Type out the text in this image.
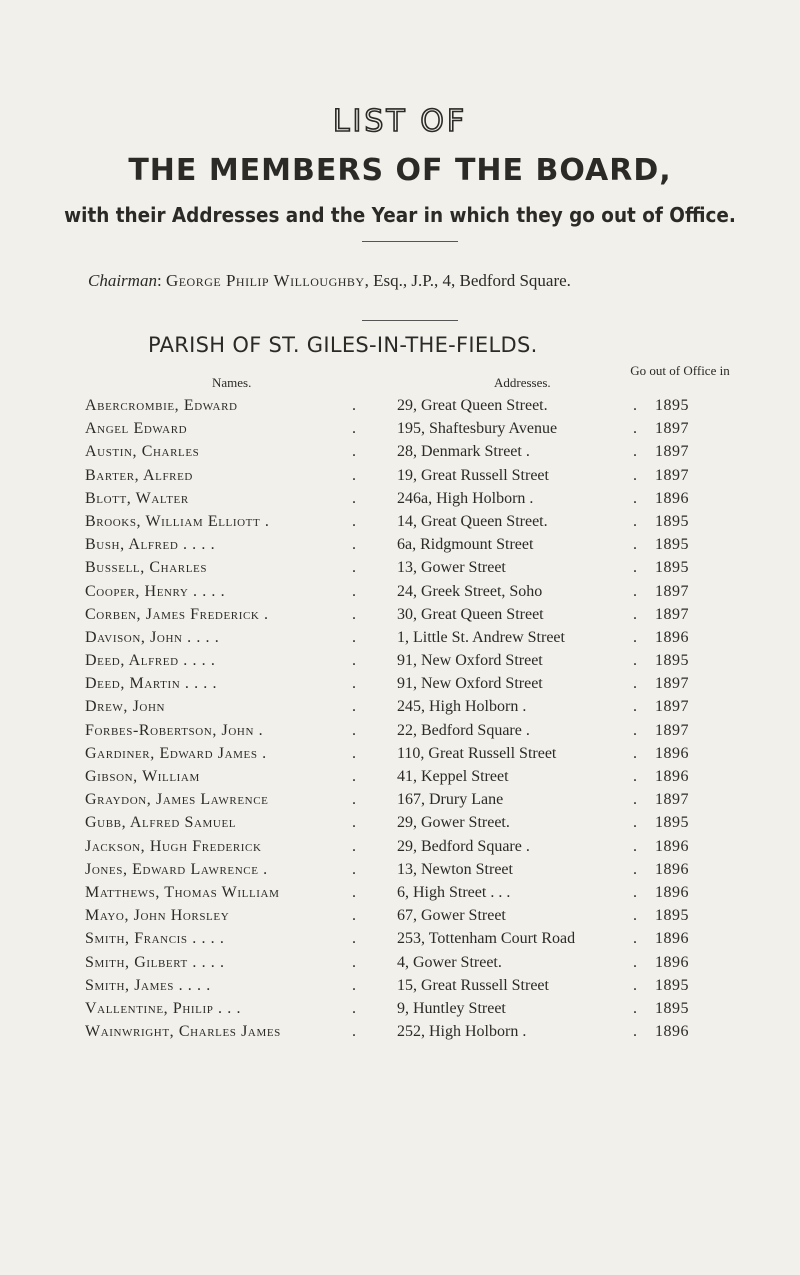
LIST OF
THE MEMBERS OF THE BOARD,
with their Addresses and the Year in which they go out of Office.
Chairman: George Philip Willoughby, Esq., J.P., 4, Bedford Square.
PARISH OF ST. GILES-IN-THE-FIELDS.
Names.	Addresses.
Go out of Office in
Abercrombie, Edward	.	29, Great Queen Street.	. 1895
Angel Edward	.	195, Shaftesbury Avenue	. 1897
Austin, Charles	.	28, Denmark Street .	. 1897
Barter, Alfred	.	19, Great Russell Street	. 1897
Blott, Walter	.	246a, High Holborn .	. 1896
Brooks, William Elliott .	.	14, Great Queen Street.	. 1895
Bush, Alfred . . . .	.	6a, Ridgmount Street	. 1895
Bussell, Charles	.	13, Gower Street	. 1895
Cooper, Henry . . . .	.	24, Greek Street, Soho	. 1897
Corben, James Frederick .	.	30, Great Queen Street	. 1897
Davison, John . . . .	.	1, Little St. Andrew Street	. 1896
Deed, Alfred . . . .	.	91, New Oxford Street	. 1895
Deed, Martin . . . .	.	91, New Oxford Street	. 1897
Drew, John	.	245, High Holborn .	. 1897
Forbes-Robertson, John .	.	22, Bedford Square .	. 1897
Gardiner, Edward James .	.	110, Great Russell Street	. 1896
Gibson, William	.	41, Keppel Street	. 1896
Graydon, James Lawrence	.	167, Drury Lane	. 1897
Gubb, Alfred Samuel	.	29, Gower Street.	. 1895
Jackson, Hugh Frederick	.	29, Bedford Square .	. 1896
Jones, Edward Lawrence .	.	13, Newton Street	. 1896
Matthews, Thomas William	.	6, High Street . . .	. 1896
Mayo, John Horsley	.	67, Gower Street	. 1895
Smith, Francis . . . .	.	253, Tottenham Court Road	. 1896
Smith, Gilbert . . . .	.	4, Gower Street.	. 1896
Smith, James . . . .	.	15, Great Russell Street	. 1895
Vallentine, Philip . . .	.	9, Huntley Street	. 1895
Wainwright, Charles James	.	252, High Holborn .	. 1896
